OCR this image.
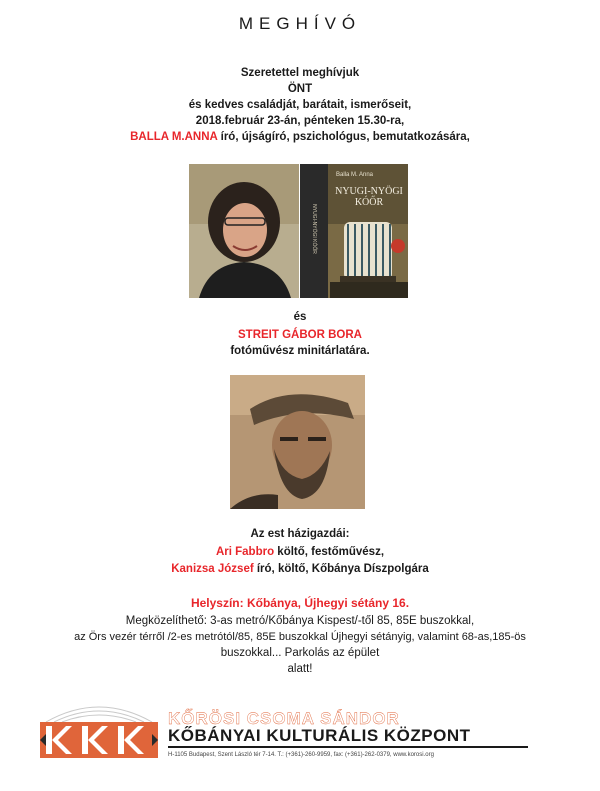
MEGHÍVÓ
Szeretettel meghívjuk
ÖNT
és kedves családját, barátait, ismerőseit,
2018.február 23-án, pénteken 15.30-ra,
BALLA M.ANNA író, újságíró, pszichológus, bemutatkozására,
Balla M. Anna
NYUGI-NYÖGI KÓŐR
NYUGI-NYÖGI KÓŐR
és
STREIT GÁBOR BORA
fotóművész minitárlatára.
Az est házigazdái:
Ari Fabbro költő, festőművész,
Kanizsa József író, költő, Kőbánya Díszpolgára
Helyszín: Kőbánya, Újhegyi sétány 16.
Megközelíthető: 3-as metró/Kőbánya Kispest/-től 85, 85E buszokkal,
az Örs vezér térről /2-es metrótól/85, 85E buszokkal Újhegyi sétányig, valamint 68-as,185-ös
buszokkal... Parkolás az épület
alatt!
KŐRÖSI CSOMA SÁNDOR
KŐBÁNYAI KULTURÁLIS KÖZPONT
H-1105 Budapest, Szent László tér 7-14. T.: (+361)-260-9959, fax: (+361)-262-0379, www.korosi.org
